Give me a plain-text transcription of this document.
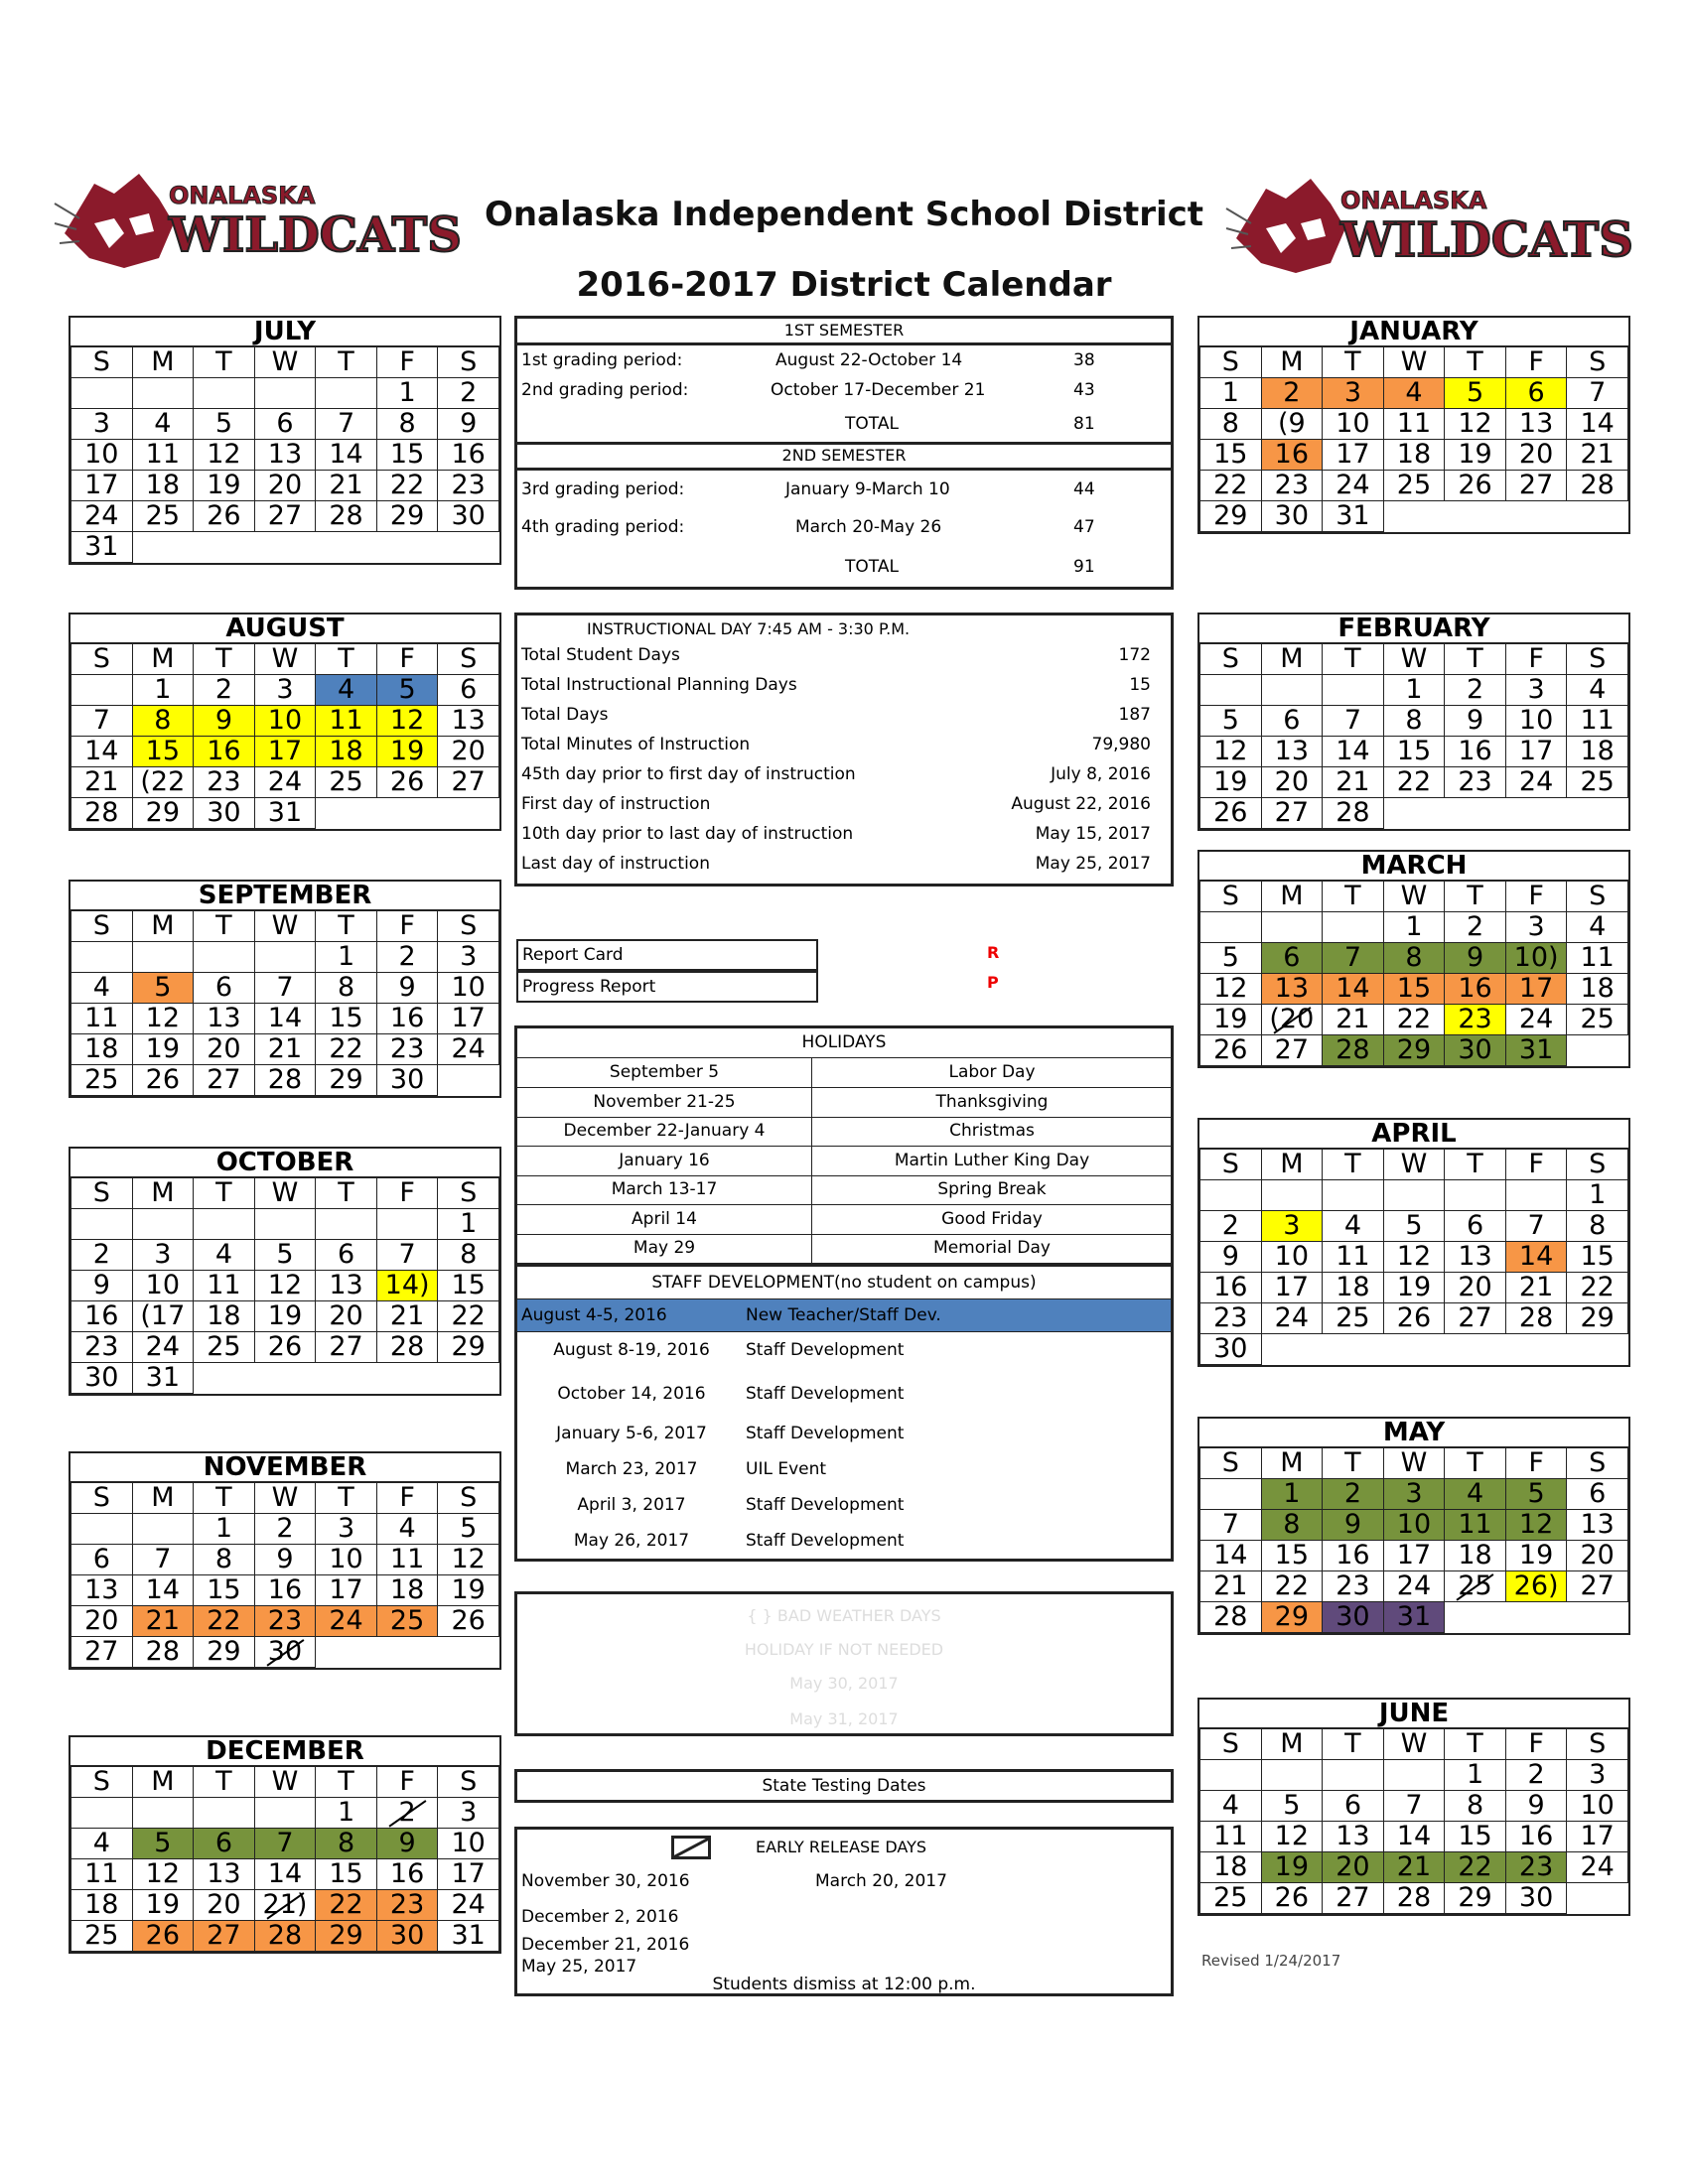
ONALASKA
WILDCATS
ONALASKA
WILDCATS
Onalaska Independent School District
2016-2017 District Calendar
JULY
S	M	T	W	T	F	S
					1	2
3	4	5	6	7	8	9
10	11	12	13	14	15	16
17	18	19	20	21	22	23
24	25	26	27	28	29	30
31						
AUGUST
S	M	T	W	T	F	S
	1	2	3	4	5	6
7	8	9	10	11	12	13
14	15	16	17	18	19	20
21	(22	23	24	25	26	27
28	29	30	31			
SEPTEMBER
S	M	T	W	T	F	S
				1	2	3
4	5	6	7	8	9	10
11	12	13	14	15	16	17
18	19	20	21	22	23	24
25	26	27	28	29	30	
OCTOBER
S	M	T	W	T	F	S
						1
2	3	4	5	6	7	8
9	10	11	12	13	14)	15
16	(17	18	19	20	21	22
23	24	25	26	27	28	29
30	31					
NOVEMBER
S	M	T	W	T	F	S
		1	2	3	4	5
6	7	8	9	10	11	12
13	14	15	16	17	18	19
20	21	22	23	24	25	26
27	28	29	30

DECEMBER
S	M	T	W	T	F	S
				1	2	3
4	5	6	7	8	9	10
11	12	13	14	15	16	17
18	19	20	21)	22	23	24
25	26	27	28	29	30	31
JANUARY
S	M	T	W	T	F	S
1	2	3	4	5	6	7
8	(9	10	11	12	13	14
15	16	17	18	19	20	21
22	23	24	25	26	27	28
29	30	31				
FEBRUARY
S	M	T	W	T	F	S
			1	2	3	4
5	6	7	8	9	10	11
12	13	14	15	16	17	18
19	20	21	22	23	24	25
26	27	28				
MARCH
S	M	T	W	T	F	S
			1	2	3	4
5	6	7	8	9	10)	11
12	13	14	15	16	17	18
19	(20	21	22	23	24	25
26	27	28	29	30	31	
APRIL
S	M	T	W	T	F	S
						1
2	3	4	5	6	7	8
9	10	11	12	13	14	15
16	17	18	19	20	21	22
23	24	25	26	27	28	29
30						
MAY
S	M	T	W	T	F	S
	1	2	3	4	5	6
7	8	9	10	11	12	13
14	15	16	17	18	19	20
21	22	23	24	25	26)	27
28	29	30	31			
JUNE
S	M	T	W	T	F	S
				1	2	3
4	5	6	7	8	9	10
11	12	13	14	15	16	17
18	19	20	21	22	23	24
25	26	27	28	29	30	
1ST SEMESTER
1st grading period:	August 22-October 14	38
2nd grading period:	October 17-December 21	43
TOTAL	81
2ND SEMESTER
3rd grading period:	January 9-March 10	44
4th grading period:	March 20-May 26	47
TOTAL	91
INSTRUCTIONAL DAY 7:45 AM - 3:30 P.M.
Total Student Days	172
Total Instructional Planning Days	15
Total Days	187
Total Minutes of Instruction	79,980
45th day prior to first day of instruction	July 8, 2016
First day of instruction	August 22, 2016
10th day prior to last day of instruction	May 15, 2017
Last day of instruction	May 25, 2017
Report Card
Progress Report
R
P
HOLIDAYS
September 5	Labor Day
November 21-25	Thanksgiving
December 22-January 4	Christmas
January 16	Martin Luther King Day
March 13-17	Spring Break
April 14	Good Friday
May 29	Memorial Day
STAFF DEVELOPMENT(no student on campus)
August 4-5, 2016	New Teacher/Staff Dev.
August 8-19, 2016	Staff Development
October 14, 2016	Staff Development
January 5-6, 2017	Staff Development
March 23, 2017	UIL Event
April 3, 2017	Staff Development
May 26, 2017	Staff Development
{ } BAD WEATHER DAYS
HOLIDAY IF NOT NEEDED
May 30, 2017
May 31, 2017
State Testing Dates
EARLY RELEASE DAYS
November 30, 2016	March 20, 2017
December 2, 2016
December 21, 2016
May 25, 2017
Students dismiss at 12:00 p.m.
Revised 1/24/2017
